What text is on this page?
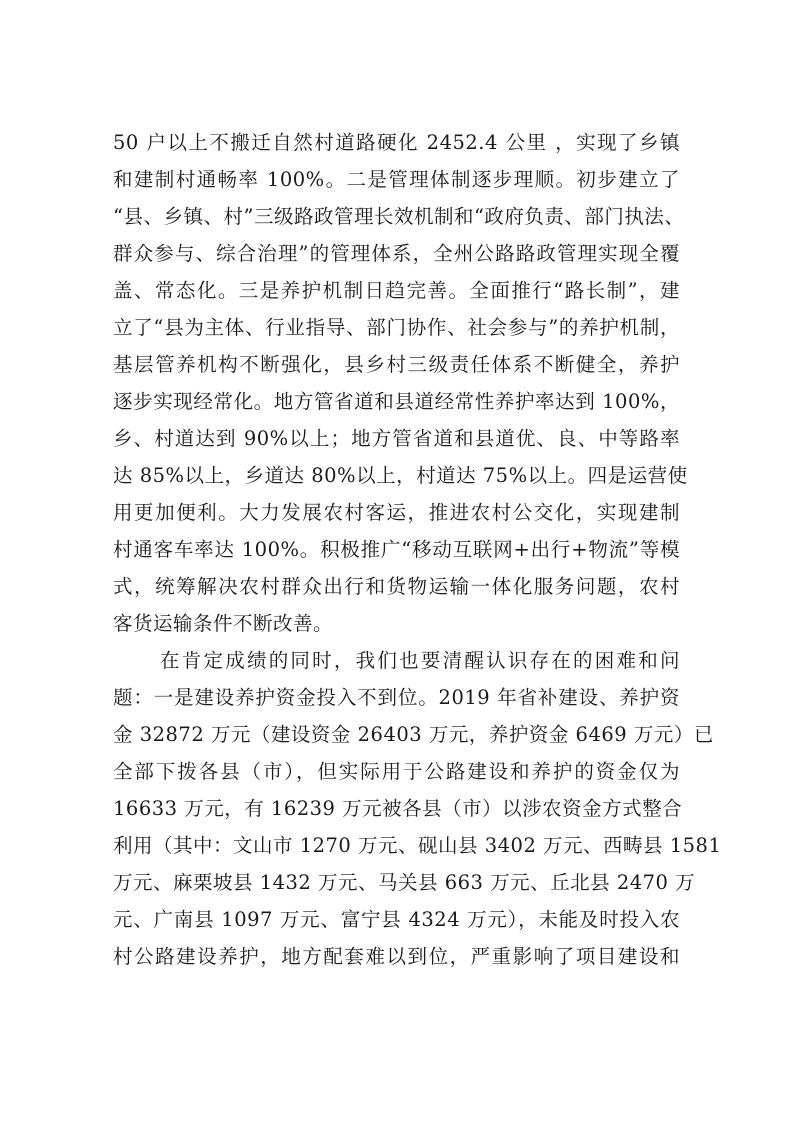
50 户以上不搬迁自然村道路硬化 2452.4 公里 ，实现了乡镇
和建制村通畅率 100%。二是管理体制逐步理顺。初步建立了
“县、乡镇、村”三级路政管理长效机制和“政府负责、部门执法、
群众参与、综合治理”的管理体系，全州公路路政管理实现全覆
盖、常态化。三是养护机制日趋完善。全面推行“路长制”，建
立了“县为主体、行业指导、部门协作、社会参与”的养护机制，
基层管养机构不断强化，县乡村三级责任体系不断健全，养护
逐步实现经常化。地方管省道和县道经常性养护率达到 100%，
乡、村道达到 90%以上；地方管省道和县道优、良、中等路率
达 85%以上，乡道达 80%以上，村道达 75%以上。四是运营使
用更加便利。大力发展农村客运，推进农村公交化，实现建制
村通客车率达 100%。积极推广“移动互联网+出行+物流”等模
式，统筹解决农村群众出行和货物运输一体化服务问题，农村
客货运输条件不断改善。
在肯定成绩的同时，我们也要清醒认识存在的困难和问
题：一是建设养护资金投入不到位。2019 年省补建设、养护资
金 32872 万元（建设资金 26403 万元，养护资金 6469 万元）已
全部下拨各县（市），但实际用于公路建设和养护的资金仅为
16633 万元，有 16239 万元被各县（市）以涉农资金方式整合
利用（其中：文山市 1270 万元、砚山县 3402 万元、西畴县 1581
万元、麻栗坡县 1432 万元、马关县 663 万元、丘北县 2470 万
元、广南县 1097 万元、富宁县 4324 万元），未能及时投入农
村公路建设养护，地方配套难以到位，严重影响了项目建设和
